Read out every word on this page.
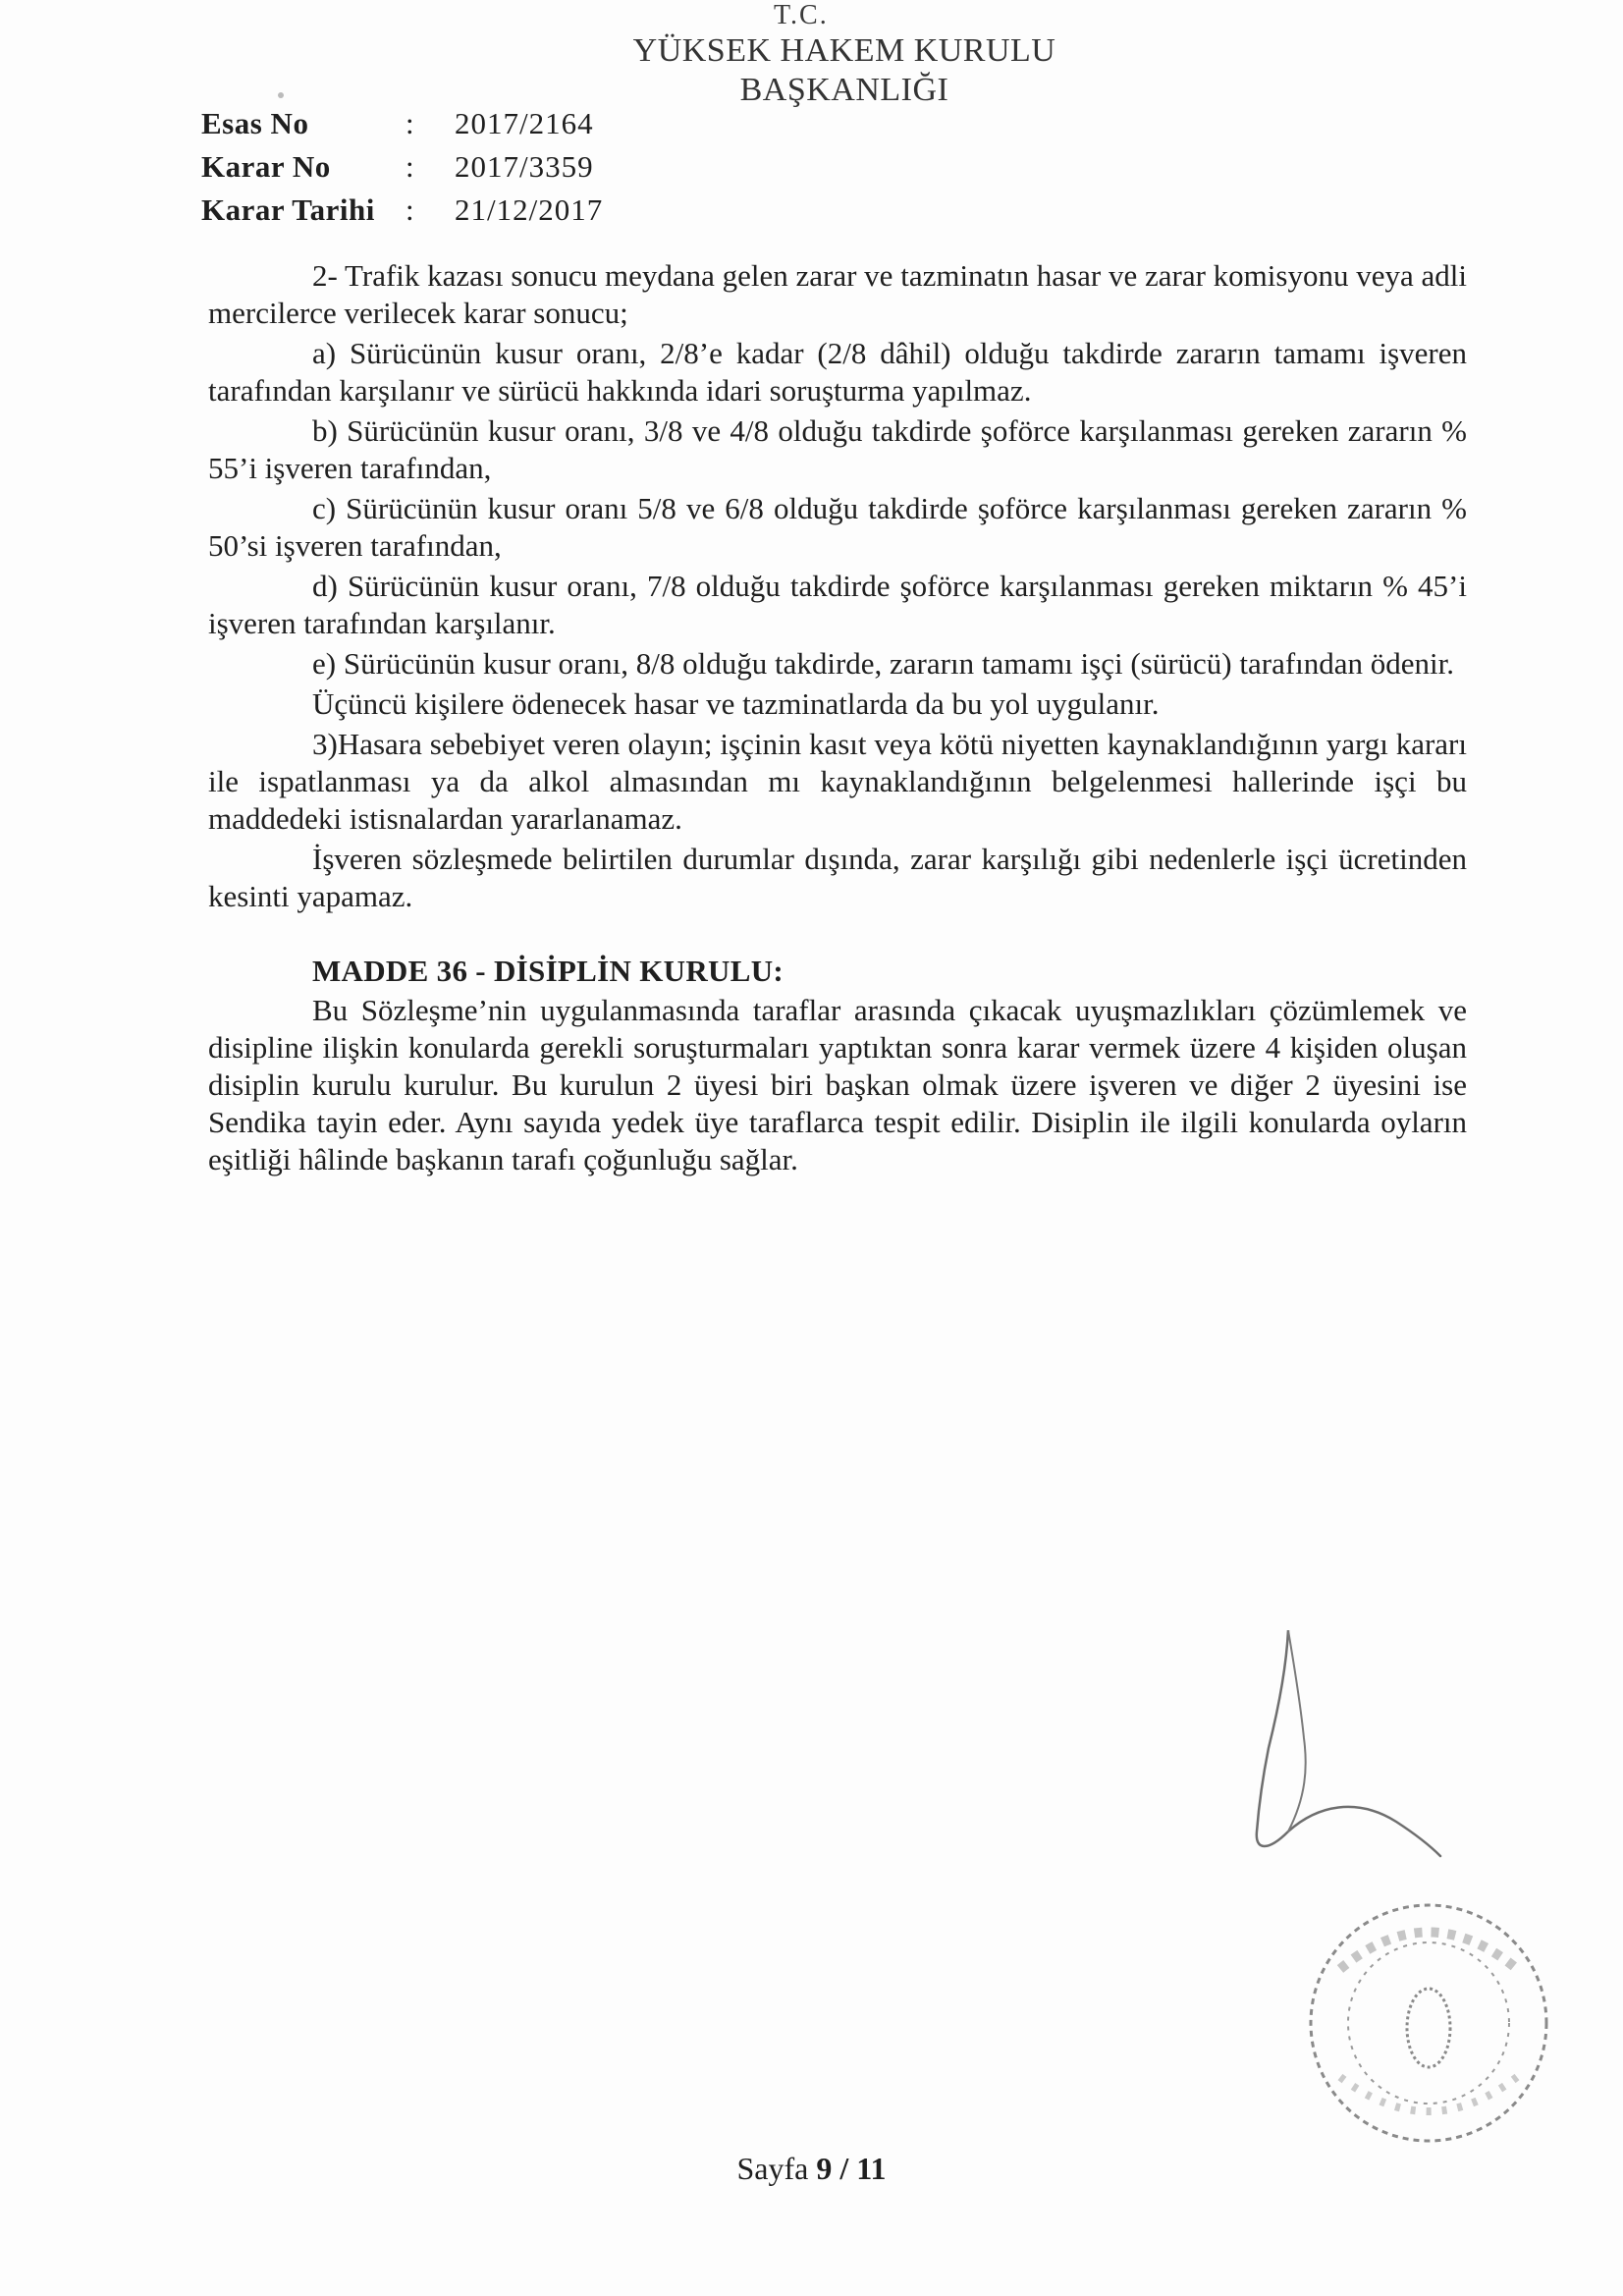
T.C.
YÜKSEK HAKEM KURULU
BAŞKANLIĞI
Esas No	:	2017/2164
Karar No	:	2017/3359
Karar Tarihi	:	21/12/2017

2- Trafik kazası sonucu meydana gelen zarar ve tazminatın hasar ve zarar komisyonu veya adli mercilerce verilecek karar sonucu;

a) Sürücünün kusur oranı, 2/8’e kadar (2/8 dâhil) olduğu takdirde zararın tamamı işveren tarafından karşılanır ve sürücü hakkında idari soruşturma yapılmaz.

b) Sürücünün kusur oranı, 3/8 ve 4/8 olduğu takdirde şoförce karşılanması gereken zararın % 55’i işveren tarafından,

c) Sürücünün kusur oranı 5/8 ve 6/8 olduğu takdirde şoförce karşılanması gereken zararın % 50’si işveren tarafından,

d) Sürücünün kusur oranı, 7/8 olduğu takdirde şoförce karşılanması gereken miktarın % 45’i işveren tarafından karşılanır.

e) Sürücünün kusur oranı, 8/8 olduğu takdirde, zararın tamamı işçi (sürücü) tarafından ödenir.

Üçüncü kişilere ödenecek hasar ve tazminatlarda da bu yol uygulanır.

3)Hasara sebebiyet veren olayın; işçinin kasıt veya kötü niyetten kaynaklandığının yargı kararı ile ispatlanması ya da alkol almasından mı kaynaklandığının belgelenmesi hallerinde işçi bu maddedeki istisnalardan yararlanamaz.

İşveren sözleşmede belirtilen durumlar dışında, zarar karşılığı gibi nedenlerle işçi ücretinden kesinti yapamaz.

MADDE 36 - DİSİPLİN KURULU:

Bu Sözleşme’nin uygulanmasında taraflar arasında çıkacak uyuşmazlıkları çözümlemek ve disipline ilişkin konularda gerekli soruşturmaları yaptıktan sonra karar vermek üzere 4 kişiden oluşan disiplin kurulu kurulur. Bu kurulun 2 üyesi biri başkan olmak üzere işveren ve diğer 2 üyesini ise Sendika tayin eder. Aynı sayıda yedek üye taraflarca tespit edilir. Disiplin ile ilgili konularda oyların eşitliği hâlinde başkanın tarafı çoğunluğu sağlar.

Sayfa 9 / 11
